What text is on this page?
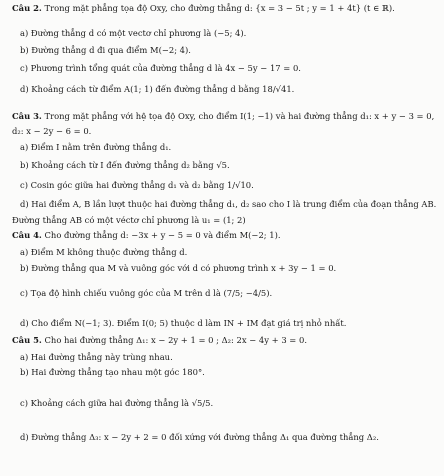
Câu 2. Trong mặt phẳng tọa độ Oxy, cho đường thẳng d: {x = 3 − 5t ; y = 1 + 4t} (t ∈ ℝ).
a) Đường thẳng d có một vectơ chỉ phương là (−5; 4).
b) Đường thẳng d đi qua điểm M(−2; 4).
c) Phương trình tổng quát của đường thẳng d là 4x − 5y − 17 = 0.
d) Khoảng cách từ điểm A(1; 1) đến đường thẳng d bằng 18/√41.
Câu 3. Trong mặt phẳng với hệ tọa độ Oxy, cho điểm I(1; −1) và hai đường thẳng d₁: x + y − 3 = 0,
d₂: x − 2y − 6 = 0.
a) Điểm I nằm trên đường thẳng d₁.
b) Khoảng cách từ I đến đường thẳng d₂ bằng √5.
c) Cosin góc giữa hai đường thẳng d₁ và d₂ bằng 1/√10.
d) Hai điểm A, B lần lượt thuộc hai đường thẳng d₁, d₂ sao cho I là trung điểm của đoạn thẳng AB.
Đường thẳng AB có một véctơ chỉ phương là u₁ = (1; 2)
Câu 4. Cho đường thẳng d: −3x + y − 5 = 0 và điểm M(−2; 1).
a) Điểm M không thuộc đường thẳng d.
b) Đường thẳng qua M và vuông góc với d có phương trình x + 3y − 1 = 0.
c) Tọa độ hình chiếu vuông góc của M trên d là (7/5; −4/5).
d) Cho điểm N(−1; 3). Điểm I(0; 5) thuộc d làm IN + IM đạt giá trị nhỏ nhất.
Câu 5. Cho hai đường thẳng Δ₁: x − 2y + 1 = 0 ; Δ₂: 2x − 4y + 3 = 0.
a) Hai đường thẳng này trùng nhau.
b) Hai đường thẳng tạo nhau một góc 180°.
c) Khoảng cách giữa hai đường thẳng là √5/5.
d) Đường thẳng Δ₃: x − 2y + 2 = 0 đối xứng với đường thẳng Δ₁ qua đường thẳng Δ₂.
